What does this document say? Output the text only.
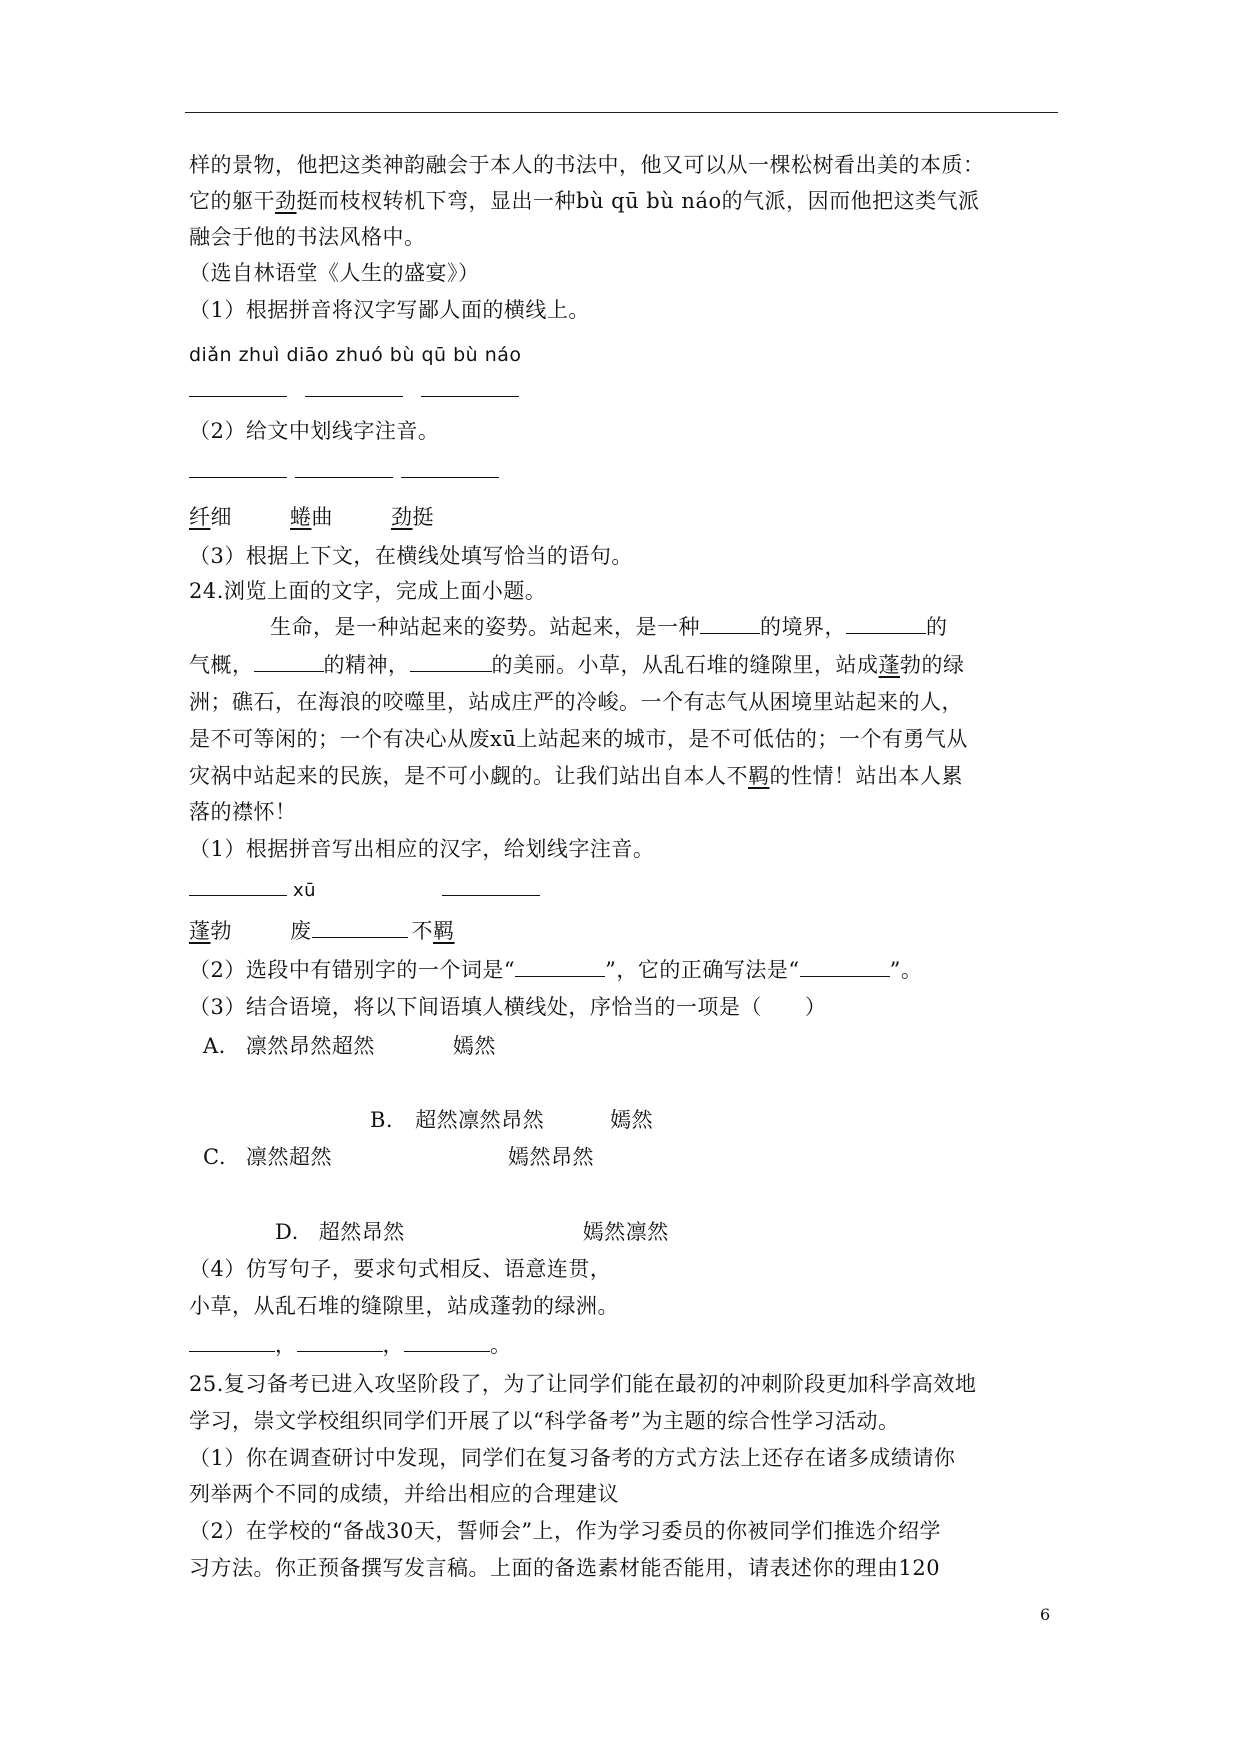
样的景物，他把这类神韵融会于本人的书法中，他又可以从一棵松树看出美的本质：
它的躯干劲挺而枝杈转机下弯，显出一种bù qū bù náo的气派，因而他把这类气派
融会于他的书法风格中。
（选自林语堂《人生的盛宴》）
（1）根据拼音将汉字写鄙人面的横线上。
diǎn zhuì diāo zhuó bù qū bù náo
（2）给文中划线字注音。
纤细	蜷曲	劲挺
（3）根据上下文，在横线处填写恰当的语句。
24.浏览上面的文字，完成上面小题。
生命，是一种站起来的姿势。站起来，是一种	的境界，	的
气概，	的精神，	的美丽。小草，从乱石堆的缝隙里，站成蓬勃的绿
洲；礁石，在海浪的咬噬里，站成庄严的冷峻。一个有志气从困境里站起来的人，
是不可等闲的；一个有决心从废xū上站起来的城市，是不可低估的；一个有勇气从
灾祸中站起来的民族，是不可小觑的。让我们站出自本人不羁的性情！站出本人累
落的襟怀！
（1）根据拼音写出相应的汉字，给划线字注音。
xū
蓬勃	废	不羁
（2）选段中有错别字的一个词是“	”，它的正确写法是“	”。
（3）结合语境，将以下间语填人横线处，序恰当的一项是（　　）
A. 凛然昂然超然	嫣然
B. 超然凛然昂然	嫣然
C. 凛然超然	嫣然昂然
D. 超然昂然	嫣然凛然
（4）仿写句子，要求句式相反、语意连贯，
小草，从乱石堆的缝隙里，站成蓬勃的绿洲。
，	，	。
25.复习备考已进入攻坚阶段了，为了让同学们能在最初的冲刺阶段更加科学高效地
学习，崇文学校组织同学们开展了以“科学备考”为主题的综合性学习活动。
（1）你在调查研讨中发现，同学们在复习备考的方式方法上还存在诸多成绩请你
列举两个不同的成绩，并给出相应的合理建议
（2）在学校的“备战30天，誓师会”上，作为学习委员的你被同学们推选介绍学
习方法。你正预备撰写发言稿。上面的备选素材能否能用，请表述你的理由120
6
